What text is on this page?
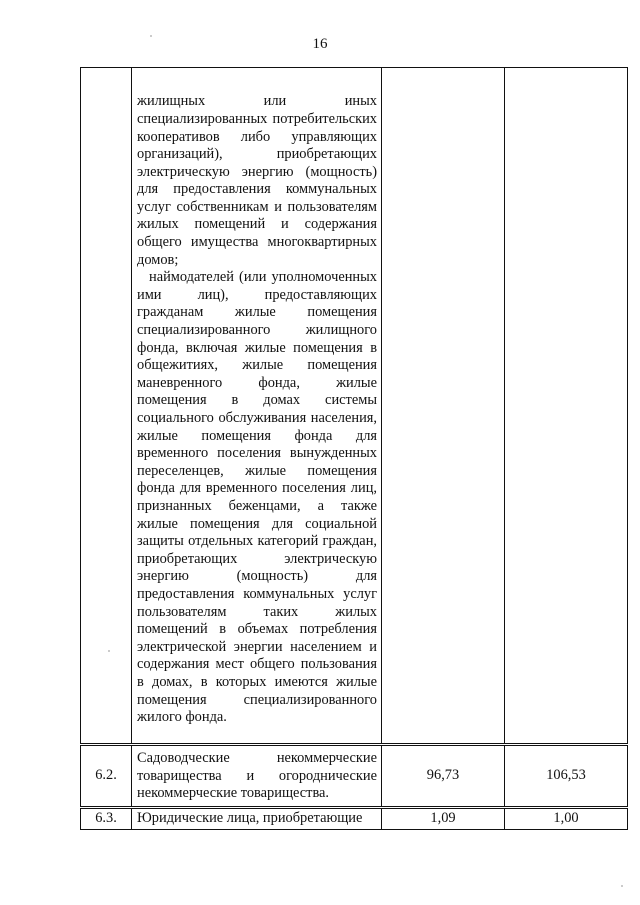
16

	жилищных или иных специализированных потребительских кооперативов либо управляющих организаций), приобретающих электрическую энергию (мощность) для предоставления коммунальных услуг собственникам и пользователям жилых помещений и содержания общего имущества многоквартирных домов;
наймодателей (или уполномоченных ими лиц), предоставляющих гражданам жилые помещения специализированного жилищного фонда, включая жилые помещения в общежитиях, жилые помещения маневренного фонда, жилые помещения в домах системы социального обслуживания населения, жилые помещения фонда для временного поселения вынужденных переселенцев, жилые помещения фонда для временного поселения лиц, признанных беженцами, а также жилые помещения для социальной защиты отдельных категорий граждан, приобретающих электрическую энергию (мощность) для предоставления коммунальных услуг пользователям таких жилых помещений в объемах потребления электрической энергии населением и содержания мест общего пользования в домах, в которых имеются жилые помещения специализированного жилого фонда.		

6.2.	Садоводческие некоммерческие товарищества и огороднические некоммерческие товарищества.	96,73	106,53
6.3.	Юридические лица, приобретающие	1,09	1,00
